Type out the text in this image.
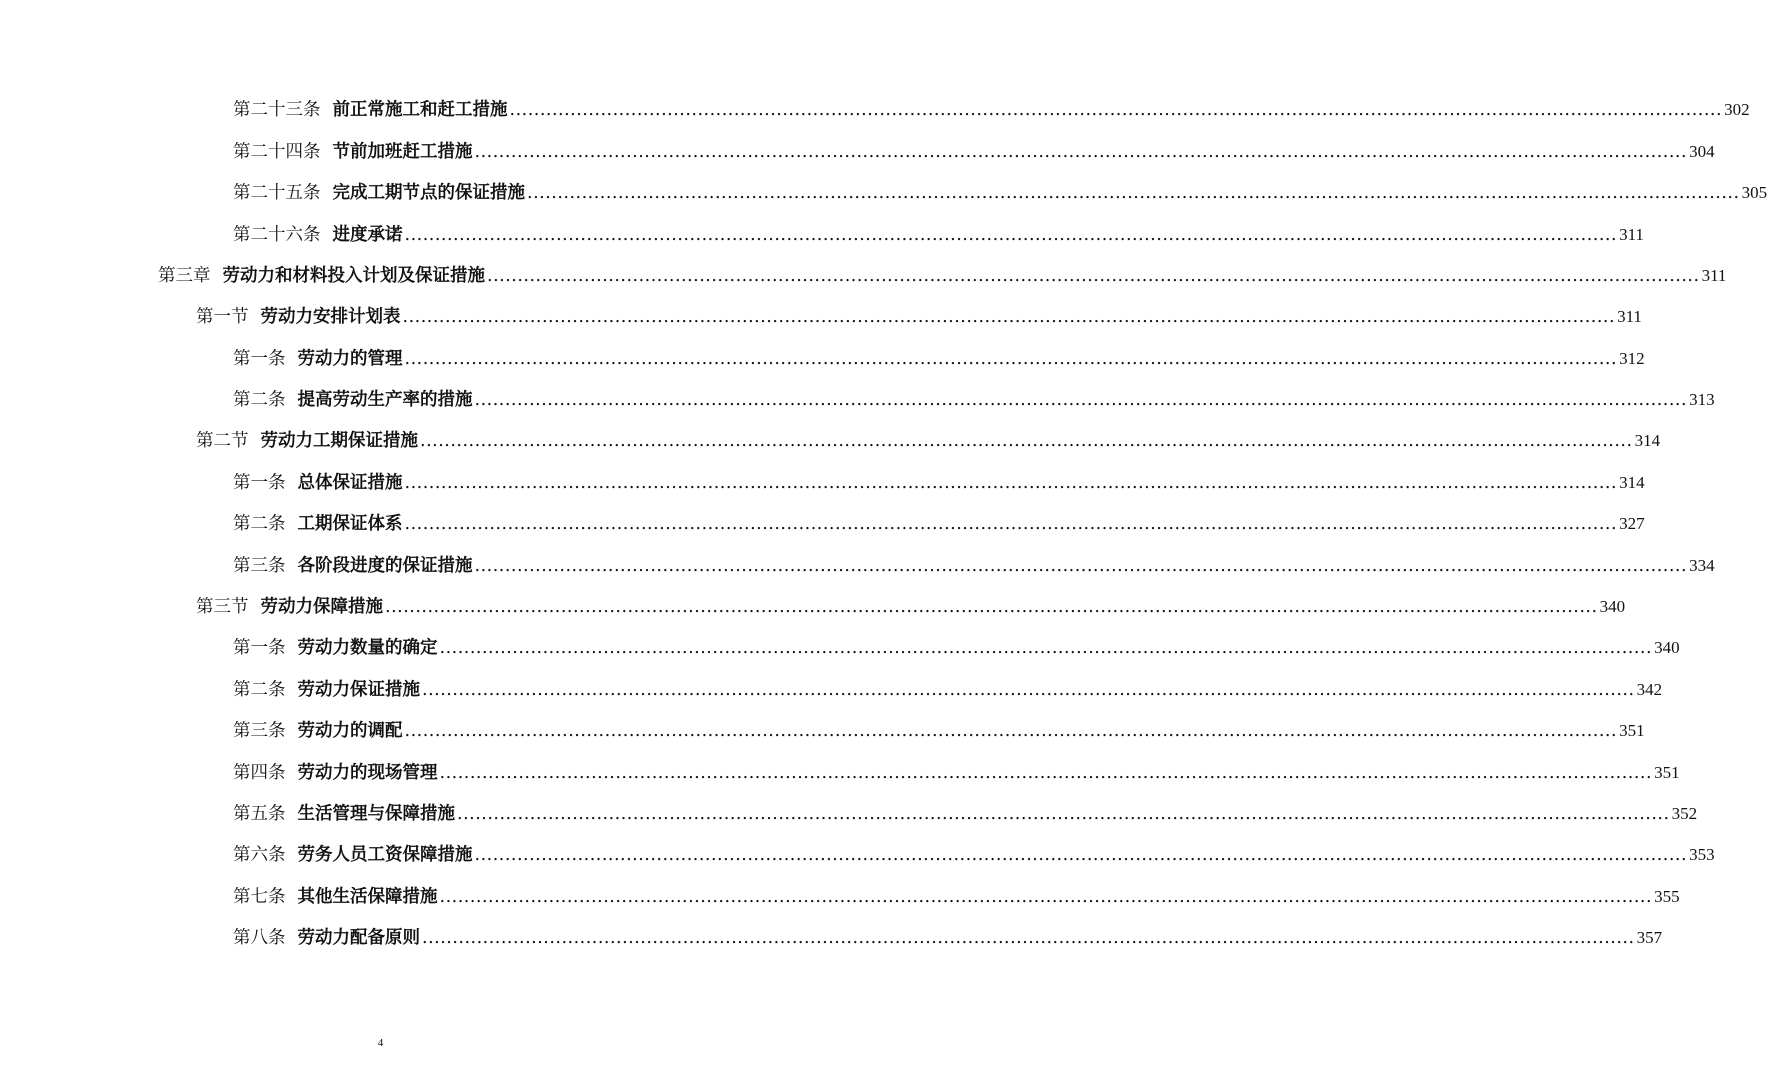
第二十三条 前正常施工和赶工措施 ........................................................................................................................................................................................................ 302
第二十四条 节前加班赶工措施 ........................................................................................................................................................................................................ 304
第二十五条 完成工期节点的保证措施 ........................................................................................................................................................................................................ 305
第二十六条 进度承诺 ........................................................................................................................................................................................................ 311
第三章 劳动力和材料投入计划及保证措施 ........................................................................................................................................................................................................ 311
第一节 劳动力安排计划表 ........................................................................................................................................................................................................ 311
第一条 劳动力的管理 ........................................................................................................................................................................................................ 312
第二条 提高劳动生产率的措施 ........................................................................................................................................................................................................ 313
第二节 劳动力工期保证措施 ........................................................................................................................................................................................................ 314
第一条 总体保证措施 ........................................................................................................................................................................................................ 314
第二条 工期保证体系 ........................................................................................................................................................................................................ 327
第三条 各阶段进度的保证措施 ........................................................................................................................................................................................................ 334
第三节 劳动力保障措施 ........................................................................................................................................................................................................ 340
第一条 劳动力数量的确定 ........................................................................................................................................................................................................ 340
第二条 劳动力保证措施 ........................................................................................................................................................................................................ 342
第三条 劳动力的调配 ........................................................................................................................................................................................................ 351
第四条 劳动力的现场管理 ........................................................................................................................................................................................................ 351
第五条 生活管理与保障措施 ........................................................................................................................................................................................................ 352
第六条 劳务人员工资保障措施 ........................................................................................................................................................................................................ 353
第七条 其他生活保障措施 ........................................................................................................................................................................................................ 355
第八条 劳动力配备原则 ........................................................................................................................................................................................................ 357
4
